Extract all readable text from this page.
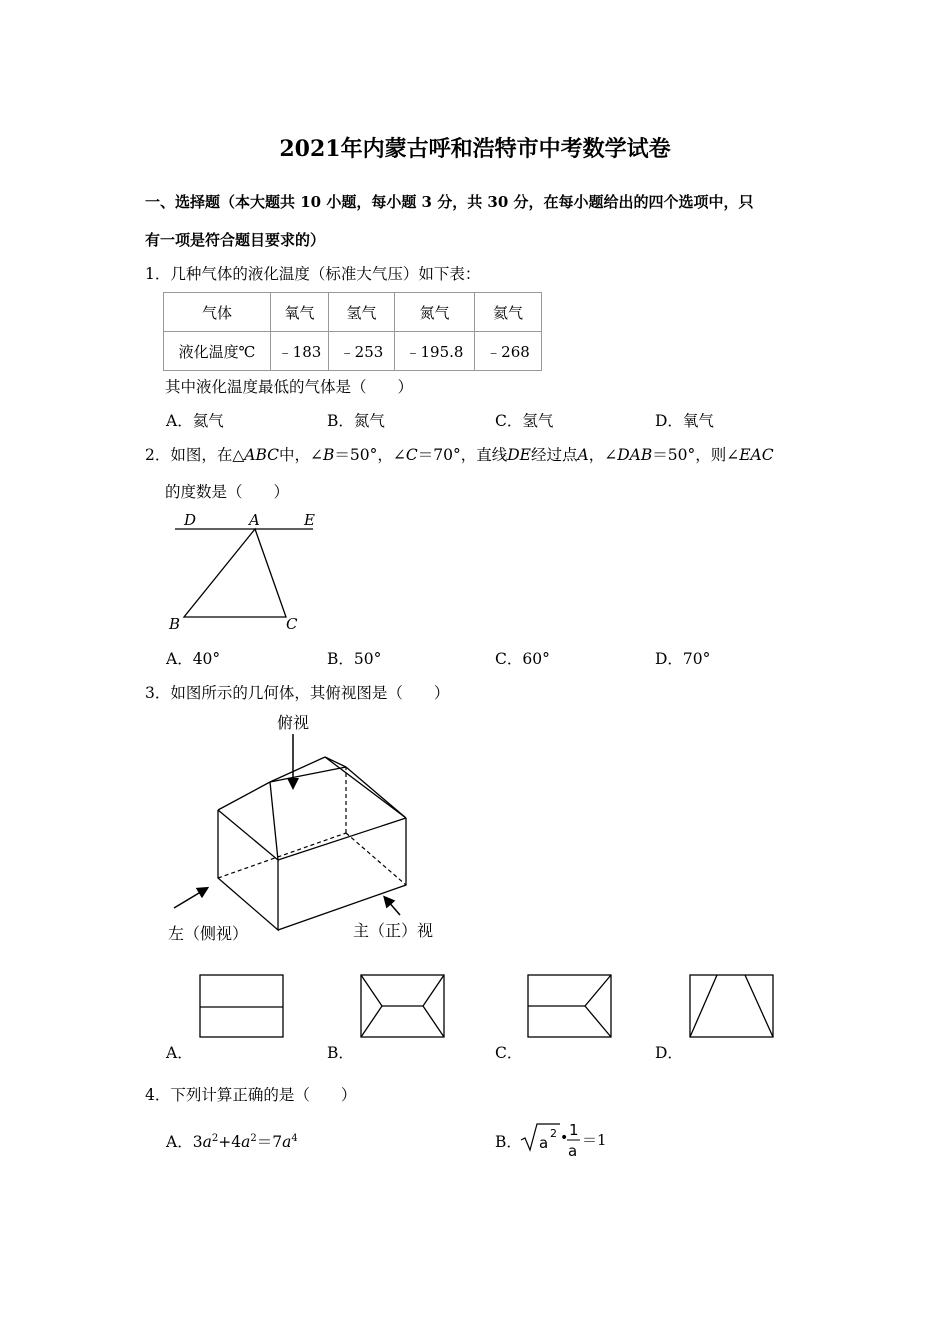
2021年内蒙古呼和浩特市中考数学试卷
一、选择题（本大题共 10 小题，每小题 3 分，共 30 分，在每小题给出的四个选项中，只
有一项是符合题目要求的）
1．几种气体的液化温度（标准大气压）如下表：
气体	氧气	氢气	氮气	氦气
液化温度℃	﹣183	﹣253	﹣195.8	﹣268
其中液化温度最低的气体是（　　）
A．氦气	B．氮气	C．氢气	D．氧气
2．如图，在△ABC中，∠B＝50°，∠C＝70°，直线DE经过点A，∠DAB＝50°，则∠EAC
的度数是（　　）
D	A	E
B	C
A．40°	B．50°	C．60°	D．70°
3．如图所示的几何体，其俯视图是（　　）
俯视
左（侧视）	主（正）视
A．	B．	C．	D．
4．下列计算正确的是（　　）
A．$3a^2+4a^2=7a^4$	B． a
2 • 1
a
＝1
